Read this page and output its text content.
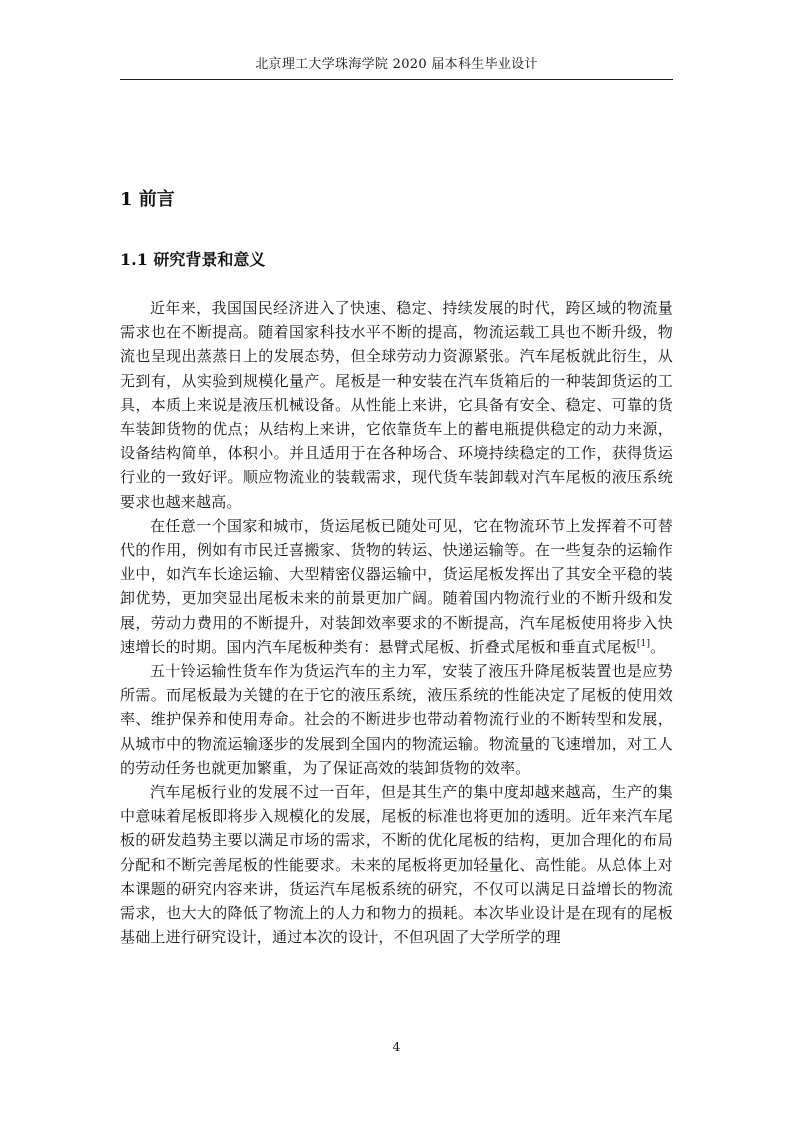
北京理工大学珠海学院 2020 届本科生毕业设计
1 前言
1.1 研究背景和意义

近年来，我国国民经济进入了快速、稳定、持续发展的时代，跨区域的物流量需求也在不断提高。随着国家科技水平不断的提高，物流运载工具也不断升级，物流也呈现出蒸蒸日上的发展态势，但全球劳动力资源紧张。汽车尾板就此衍生，从无到有，从实验到规模化量产。尾板是一种安装在汽车货箱后的一种装卸货运的工具，本质上来说是液压机械设备。从性能上来讲，它具备有安全、稳定、可靠的货车装卸货物的优点；从结构上来讲，它依靠货车上的蓄电瓶提供稳定的动力来源，设备结构简单，体积小。并且适用于在各种场合、环境持续稳定的工作，获得货运行业的一致好评。顺应物流业的装载需求，现代货车装卸载对汽车尾板的液压系统要求也越来越高。

在任意一个国家和城市，货运尾板已随处可见，它在物流环节上发挥着不可替代的作用，例如有市民迁喜搬家、货物的转运、快递运输等。在一些复杂的运输作业中，如汽车长途运输、大型精密仪器运输中，货运尾板发挥出了其安全平稳的装卸优势，更加突显出尾板未来的前景更加广阔。随着国内物流行业的不断升级和发展，劳动力费用的不断提升，对装卸效率要求的不断提高，汽车尾板使用将步入快速增长的时期。国内汽车尾板种类有：悬臂式尾板、折叠式尾板和垂直式尾板[1]。

五十铃运输性货车作为货运汽车的主力军，安装了液压升降尾板装置也是应势所需。而尾板最为关键的在于它的液压系统，液压系统的性能决定了尾板的使用效率、维护保养和使用寿命。社会的不断进步也带动着物流行业的不断转型和发展，从城市中的物流运输逐步的发展到全国内的物流运输。物流量的飞速增加，对工人的劳动任务也就更加繁重，为了保证高效的装卸货物的效率。

汽车尾板行业的发展不过一百年，但是其生产的集中度却越来越高，生产的集中意味着尾板即将步入规模化的发展，尾板的标准也将更加的透明。近年来汽车尾板的研发趋势主要以满足市场的需求，不断的优化尾板的结构，更加合理化的布局分配和不断完善尾板的性能要求。未来的尾板将更加轻量化、高性能。从总体上对本课题的研究内容来讲，货运汽车尾板系统的研究，不仅可以满足日益增长的物流需求，也大大的降低了物流上的人力和物力的损耗。本次毕业设计是在现有的尾板基础上进行研究设计，通过本次的设计，不但巩固了大学所学的理

4
